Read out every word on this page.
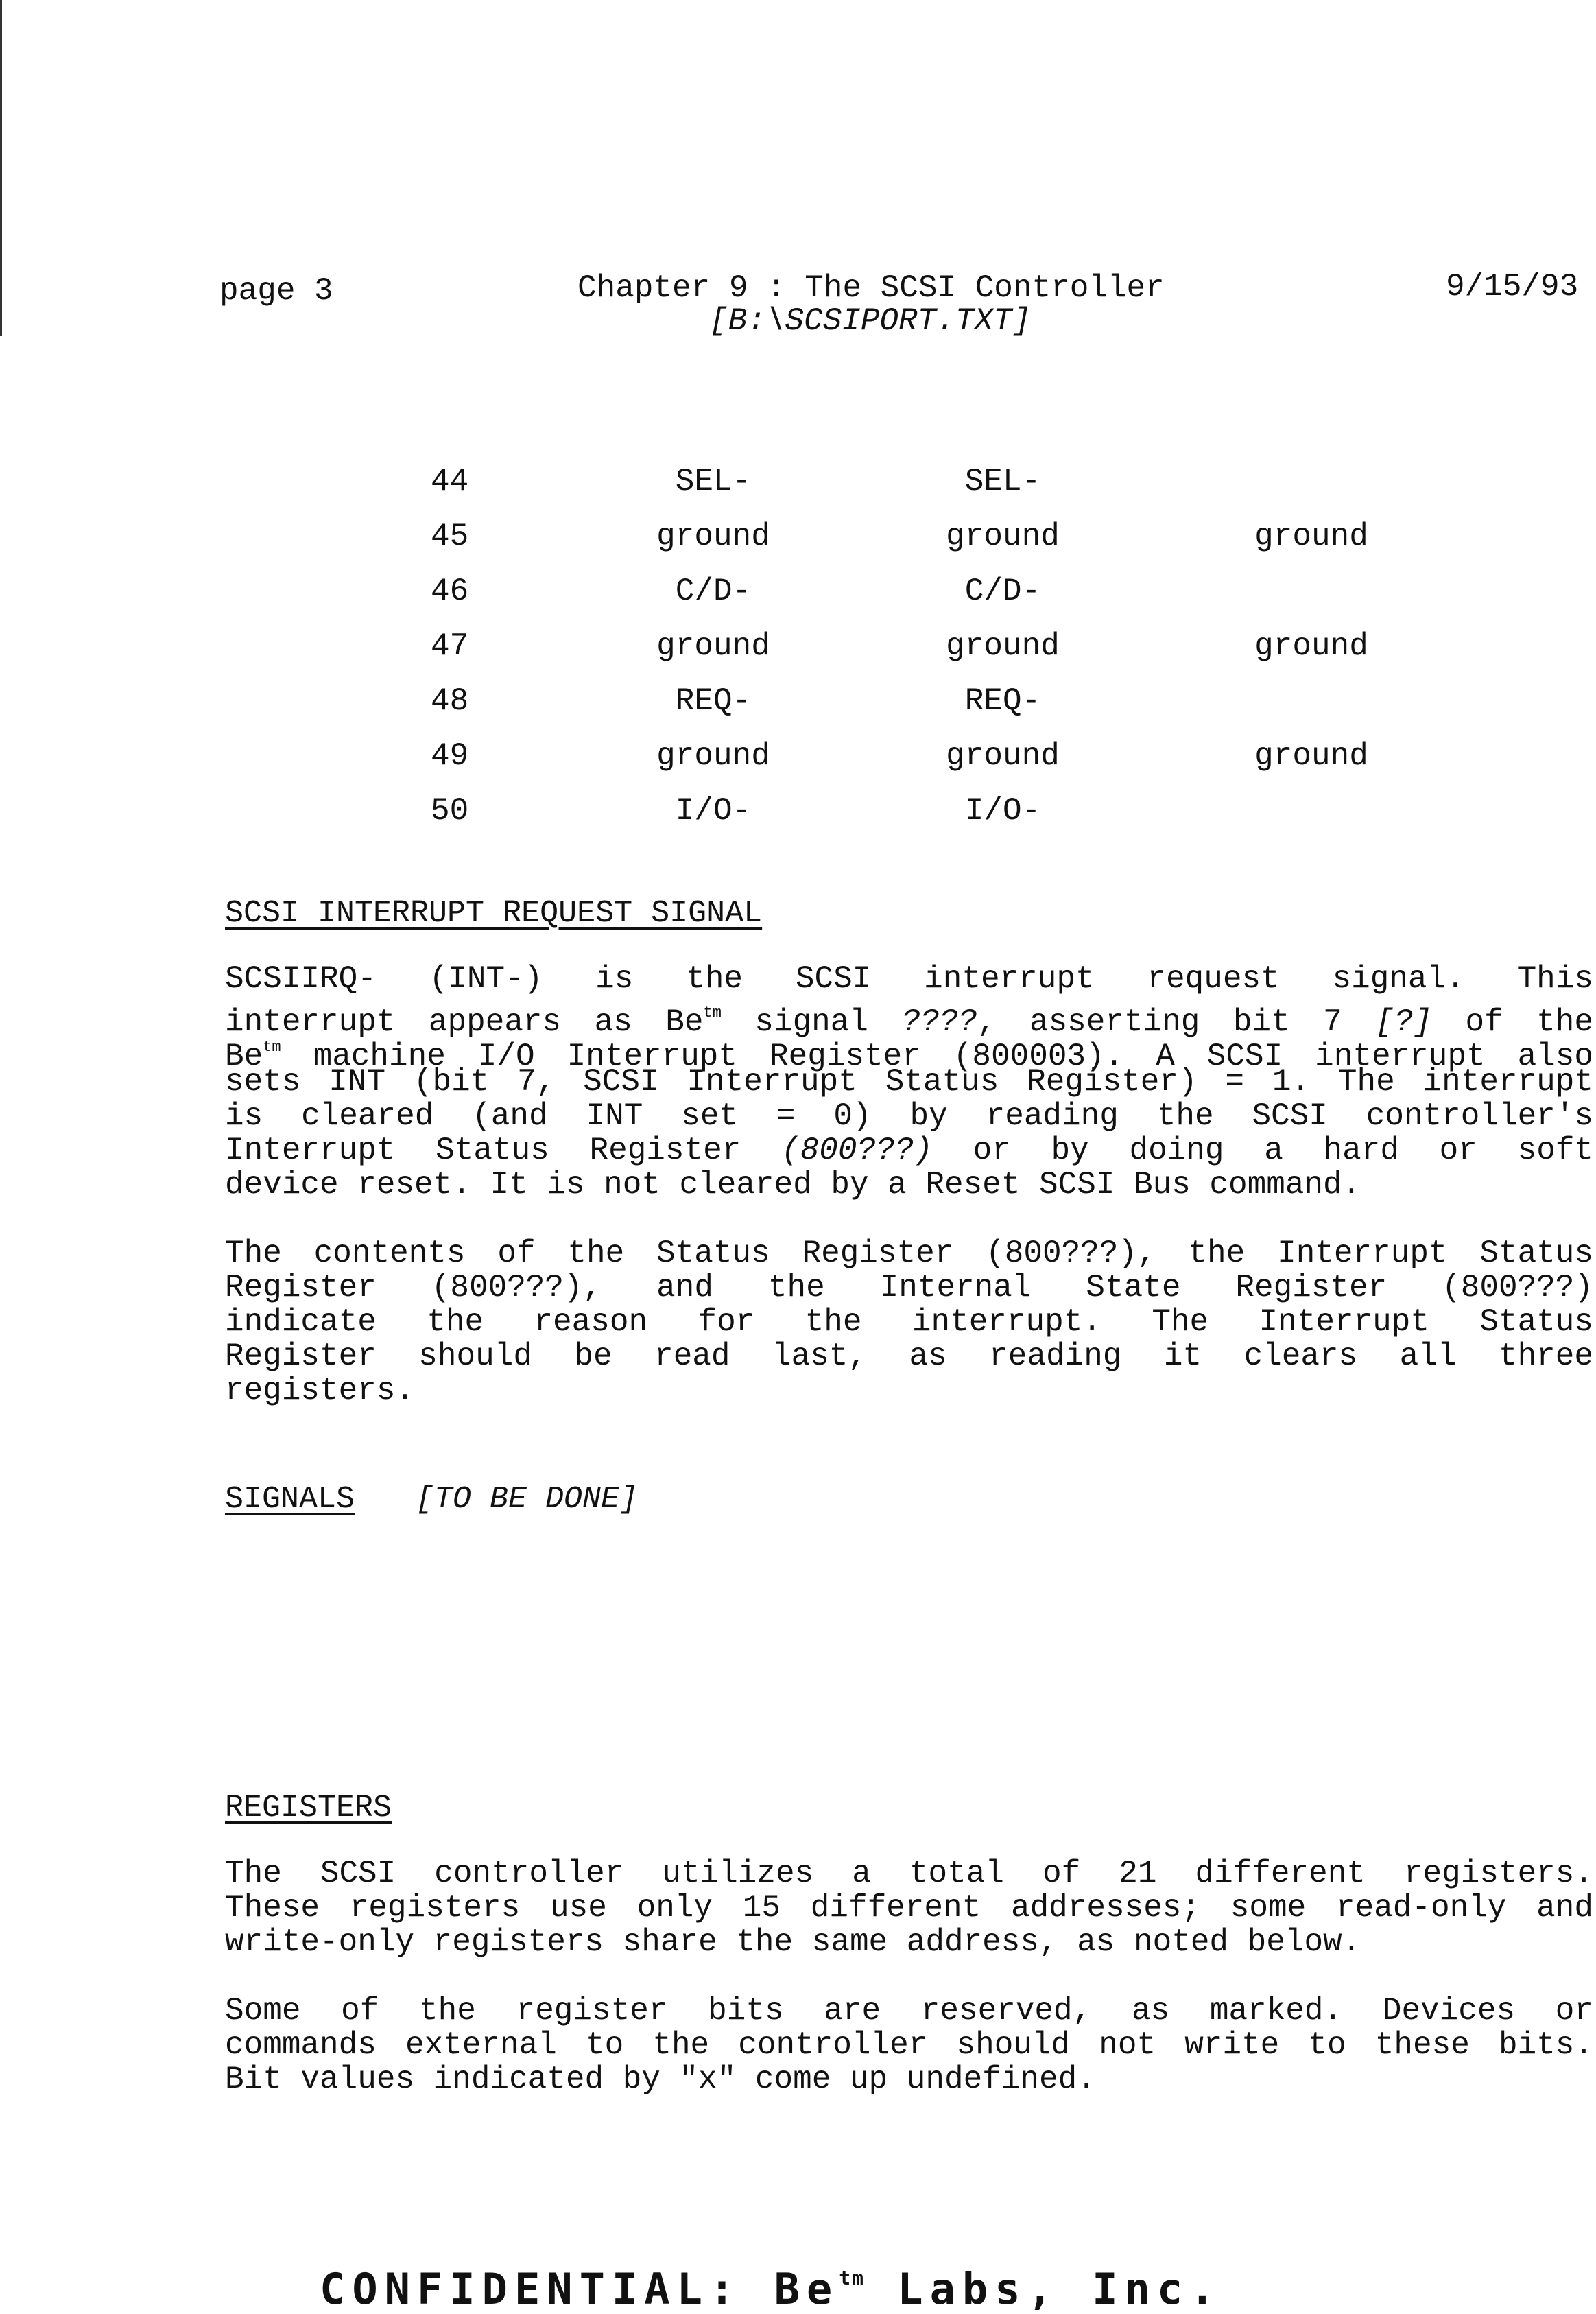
page 3	Chapter 9 : The SCSI Controller
[B:\SCSIPORT.TXT]
9/15/93
44	SEL-	SEL-
45	ground	ground	ground
46	C/D-	C/D-
47	ground	ground	ground
48	REQ-	REQ-
49	ground	ground	ground
50	I/O-	I/O-
SCSI INTERRUPT REQUEST SIGNAL
SCSIIRQ- (INT-) is the SCSI interrupt request signal. This
interrupt appears as $Be^{tm}$ signal ????, asserting bit 7 [?] of the
$Be^{tm}$ machine I/O Interrupt Register (800003). A SCSI interrupt also
sets INT (bit 7, SCSI Interrupt Status Register) = 1. The interrupt
is cleared (and INT set = 0) by reading the SCSI controller's
Interrupt Status Register (800???) or by doing a hard or soft
device reset. It is not cleared by a Reset SCSI Bus command.
The contents of the Status Register (800???), the Interrupt Status
Register (800???), and the Internal State Register (800???)
indicate the reason for the interrupt. The Interrupt Status
Register should be read last, as reading it clears all three
registers.
SIGNALS [TO BE DONE]
REGISTERS
The SCSI controller utilizes a total of 21 different registers.
These registers use only 15 different addresses; some read-only and
write-only registers share the same address, as noted below.
Some of the register bits are reserved, as marked. Devices or
commands external to the controller should not write to these bits.
Bit values indicated by "x" come up undefined.
CONFIDENTIAL: $Be^{tm}$ Labs, Inc.
